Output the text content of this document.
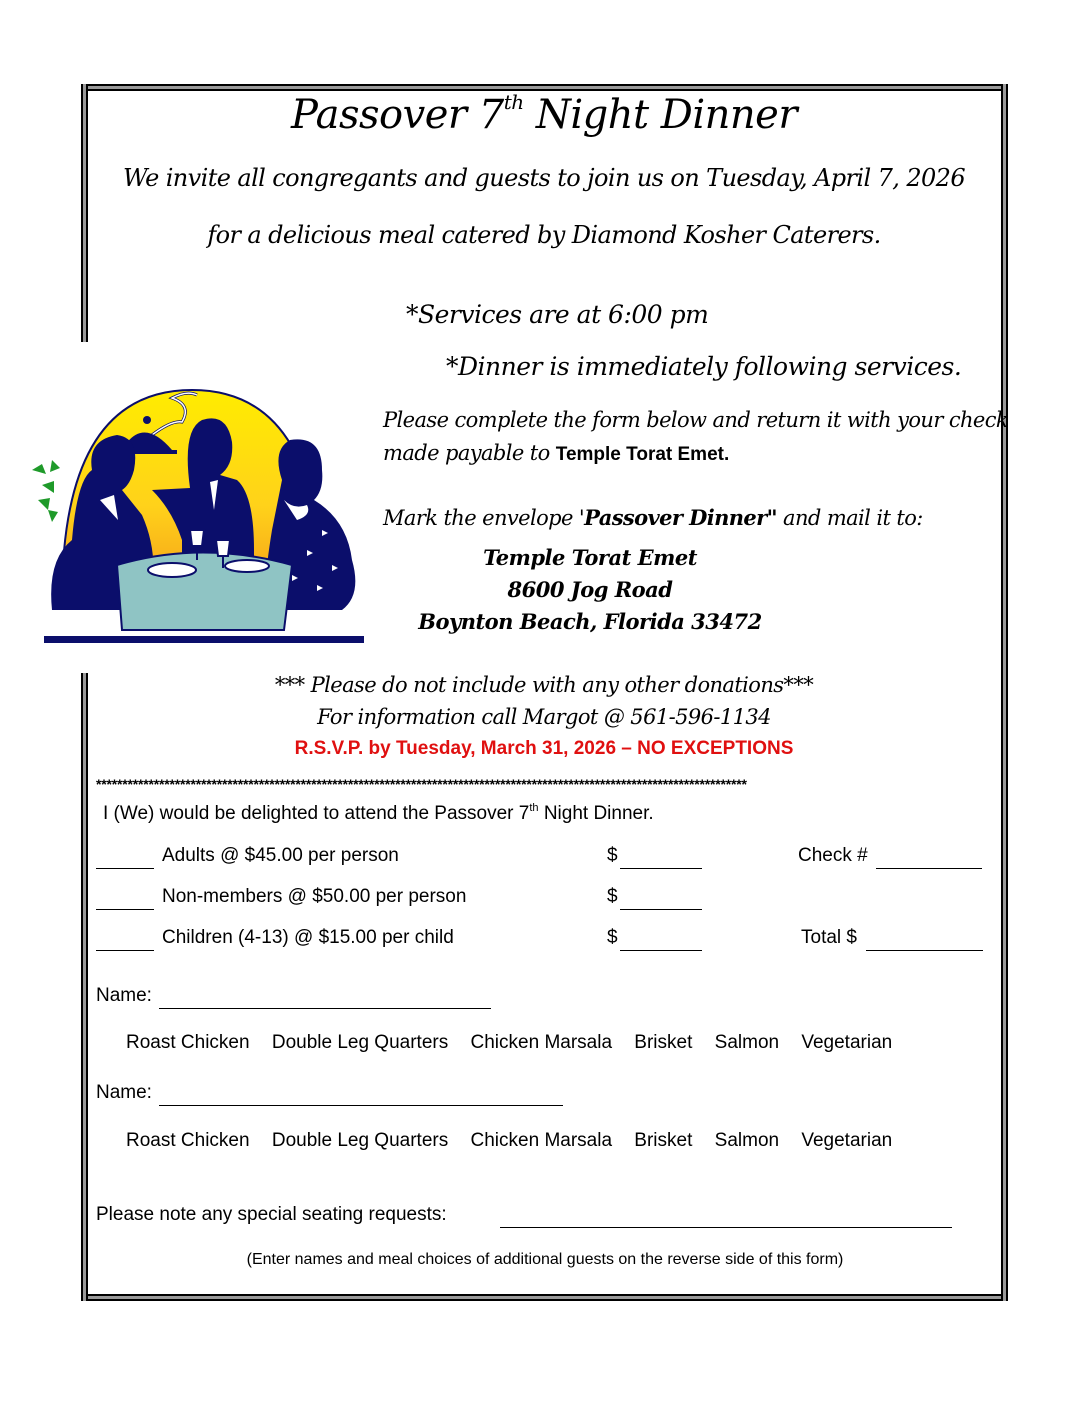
Passover 7th Night Dinner
We invite all congregants and guests to join us on Tuesday, April 7, 2026
for a delicious meal catered by Diamond Kosher Caterers.
*Services are at 6:00 pm
*Dinner is immediately following services.
Please complete the form below and return it with your check
made payable to Temple Torat Emet.
Mark the envelope 'Passover Dinner" and mail it to:
Temple Torat Emet
8600 Jog Road
Boynton Beach, Florida 33472
*** Please do not include with any other donations***
For information call Margot @ 561-596-1134
R.S.V.P. by Tuesday, March 31, 2026 – NO EXCEPTIONS
****************************************************************************************************************************
I (We) would be delighted to attend the Passover 7th Night Dinner.
Adults @ $45.00 per person	$	Check #
Non-members @ $50.00 per person	$
Children (4-13) @ $15.00 per child	$	Total $
Name:
Roast Chicken Double Leg Quarters Chicken Marsala Brisket Salmon Vegetarian
Name:
Roast Chicken Double Leg Quarters Chicken Marsala Brisket Salmon Vegetarian
Please note any special seating requests:
(Enter names and meal choices of additional guests on the reverse side of this form)
